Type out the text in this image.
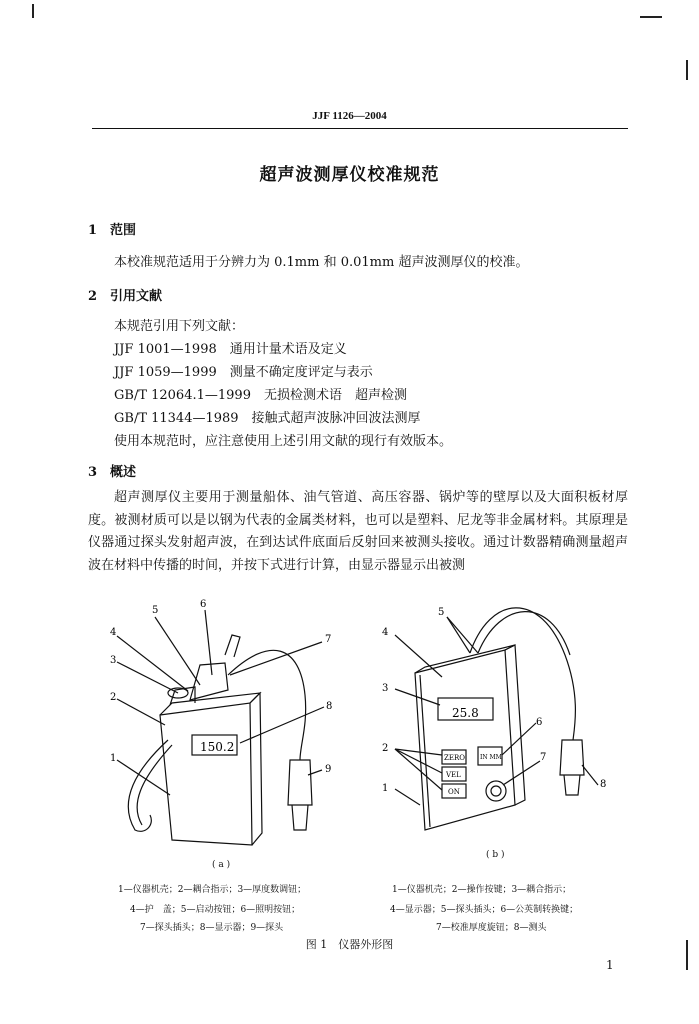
JJF 1126—2004
超声波测厚仪校准规范
1 范围
本校准规范适用于分辨力为 0.1mm 和 0.01mm 超声波测厚仪的校准。
2 引用文献
本规范引用下列文献：
JJF 1001—1998　通用计量术语及定义
JJF 1059—1999　测量不确定度评定与表示
GB/T 12064.1—1999　无损检测术语　超声检测
GB/T 11344—1989　接触式超声波脉冲回波法测厚
使用本规范时，应注意使用上述引用文献的现行有效版本。
3 概述
超声测厚仪主要用于测量船体、油气管道、高压容器、锅炉等的壁厚以及大面积板材厚度。被测材质可以是以钢为代表的金属类材料，也可以是塑料、尼龙等非金属材料。其原理是仪器通过探头发射超声波，在到达试件底面后反射回来被测头接收。通过计数器精确测量超声波在材料中传播的时间，并按下式进行计算，由显示器显示出被测
5
6
4
3
2
1
7
8
9
150.2
( a )
1—仪器机壳；2—耦合指示；3—厚度数调钮；
4—护　盖；5—启动按钮；6—照明按钮；
7—探头插头；8—显示器；9—探头
5
4
3
2
1
6
7
8
25.8
ZERO
VEL
ON
IN MM
( b )
1—仪器机壳；2—操作按键；3—耦合指示；
4—显示器；5—探头插头；6—公英制转换键；
7—校准厚度旋钮；8—测头
图 1　仪器外形图
1
